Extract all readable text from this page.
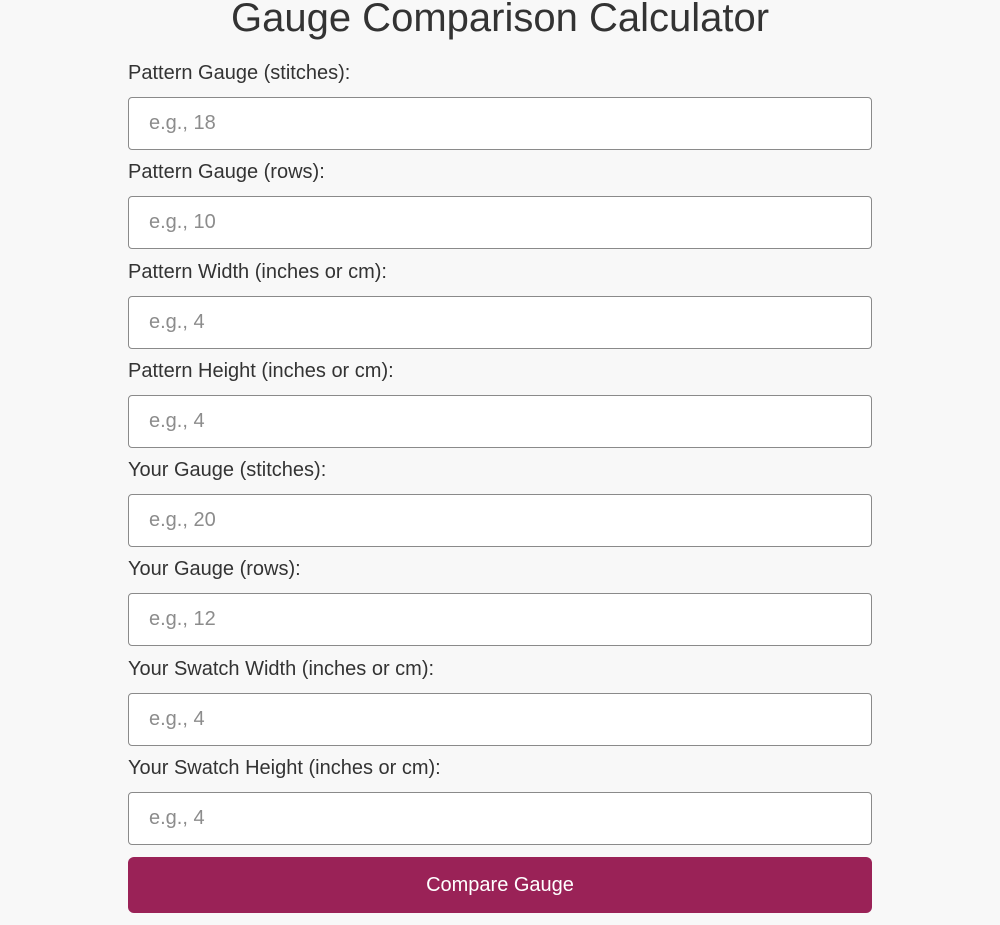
Gauge Comparison Calculator
Pattern Gauge (stitches):
e.g., 18
Pattern Gauge (rows):
e.g., 10
Pattern Width (inches or cm):
e.g., 4
Pattern Height (inches or cm):
e.g., 4
Your Gauge (stitches):
e.g., 20
Your Gauge (rows):
e.g., 12
Your Swatch Width (inches or cm):
e.g., 4
Your Swatch Height (inches or cm):
e.g., 4
Compare Gauge
